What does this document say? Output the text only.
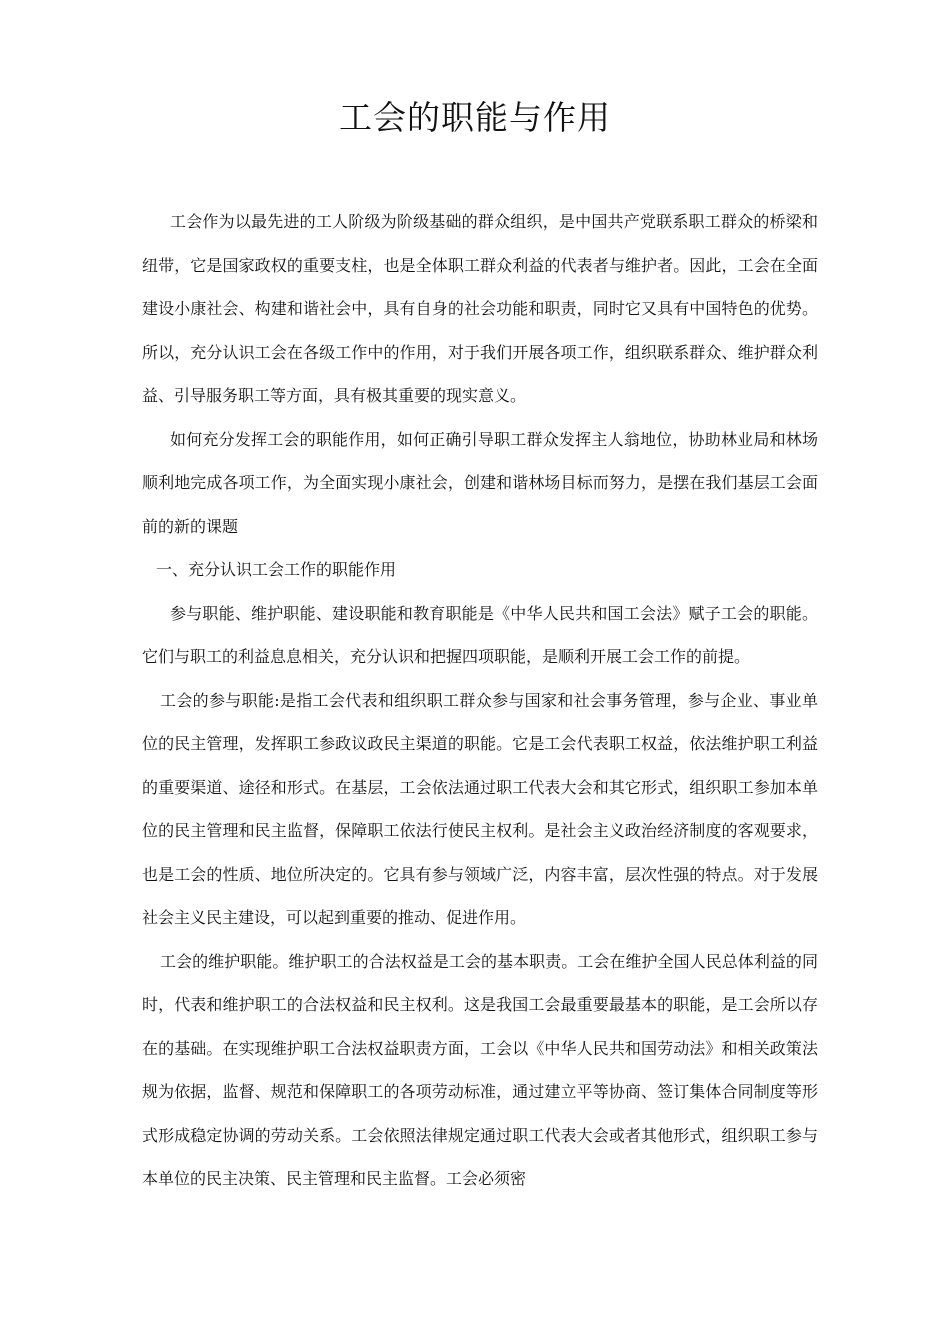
工会的职能与作用

工会作为以最先进的工人阶级为阶级基础的群众组织，是中国共产党联系职工群众的桥梁和纽带，它是国家政权的重要支柱，也是全体职工群众利益的代表者与维护者。因此，工会在全面建设小康社会、构建和谐社会中，具有自身的社会功能和职责，同时它又具有中国特色的优势。所以，充分认识工会在各级工作中的作用，对于我们开展各项工作，组织联系群众、维护群众利益、引导服务职工等方面，具有极其重要的现实意义。

如何充分发挥工会的职能作用，如何正确引导职工群众发挥主人翁地位，协助林业局和林场顺利地完成各项工作，为全面实现小康社会，创建和谐林场目标而努力，是摆在我们基层工会面前的新的课题

一、充分认识工会工作的职能作用

参与职能、维护职能、建设职能和教育职能是《中华人民共和国工会法》赋子工会的职能。它们与职工的利益息息相关，充分认识和把握四项职能，是顺利开展工会工作的前提。

工会的参与职能:是指工会代表和组织职工群众参与国家和社会事务管理，参与企业、事业单位的民主管理，发挥职工参政议政民主渠道的职能。它是工会代表职工权益，依法维护职工利益的重要渠道、途径和形式。在基层，工会依法通过职工代表大会和其它形式，组织职工参加本单位的民主管理和民主监督，保障职工依法行使民主权利。是社会主义政治经济制度的客观要求，也是工会的性质、地位所决定的。它具有参与领域广泛，内容丰富，层次性强的特点。对于发展社会主义民主建设，可以起到重要的推动、促进作用。

工会的维护职能。维护职工的合法权益是工会的基本职责。工会在维护全国人民总体利益的同时，代表和维护职工的合法权益和民主权利。这是我国工会最重要最基本的职能，是工会所以存在的基础。在实现维护职工合法权益职责方面，工会以《中华人民共和国劳动法》和相关政策法规为依据，监督、规范和保障职工的各项劳动标准，通过建立平等协商、签订集体合同制度等形式形成稳定协调的劳动关系。工会依照法律规定通过职工代表大会或者其他形式，组织职工参与本单位的民主决策、民主管理和民主监督。工会必须密
